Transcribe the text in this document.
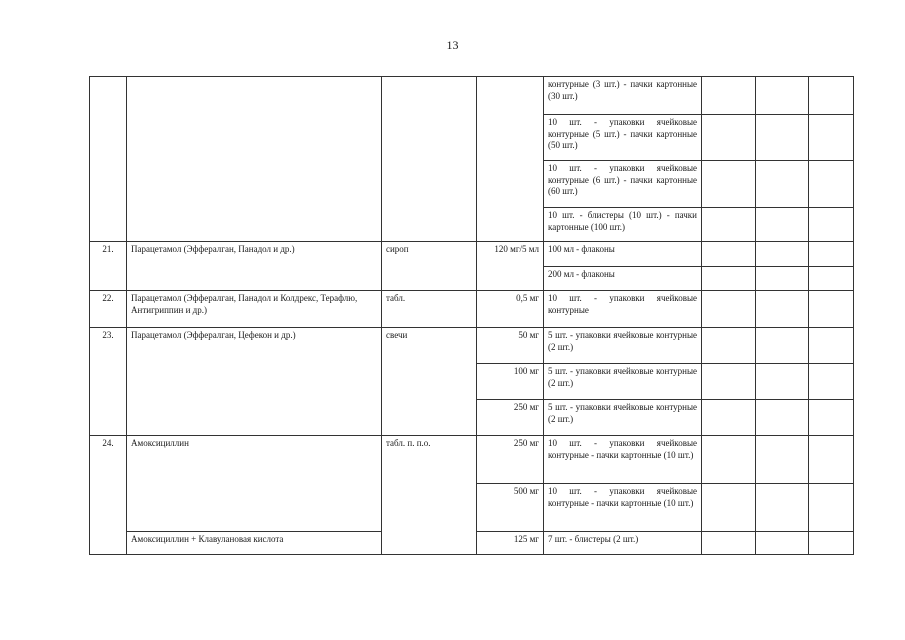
13
				контурные (3 шт.) - пачки картонные (30 шт.)			
				10 шт. - упаковки ячейковые контурные (5 шт.) - пачки картонные (50 шт.)			
				10 шт. - упаковки ячейковые контурные (6 шт.) - пачки картонные (60 шт.)			
				10 шт. - блистеры (10 шт.) - пачки картонные (100 шт.)			
21.	Парацетамол (Эффералган, Панадол и др.)	сироп	120 мг/5 мл	100 мл - флаконы			
				200 мл - флаконы			
22.	Парацетамол (Эффералган, Панадол и Колдрекс, Терафлю, Антигриппин и др.)	табл.	0,5 мг	10 шт. - упаковки ячейковые контурные			
23.	Парацетамол (Эффералган, Цефекон и др.)	свечи	50 мг	5 шт. - упаковки ячейковые контурные (2 шт.)			
			100 мг	5 шт. - упаковки ячейковые контурные (2 шт.)			
			250 мг	5 шт. - упаковки ячейковые контурные (2 шт.)			
24.	Амоксициллин	табл. п. п.о.	250 мг	10 шт. - упаковки ячейковые контурные - пачки картонные (10 шт.)			
			500 мг	10 шт. - упаковки ячейковые контурные - пачки картонные (10 шт.)			
	Амоксициллин + Клавулановая кислота		125 мг	7 шт. - блистеры (2 шт.)			
